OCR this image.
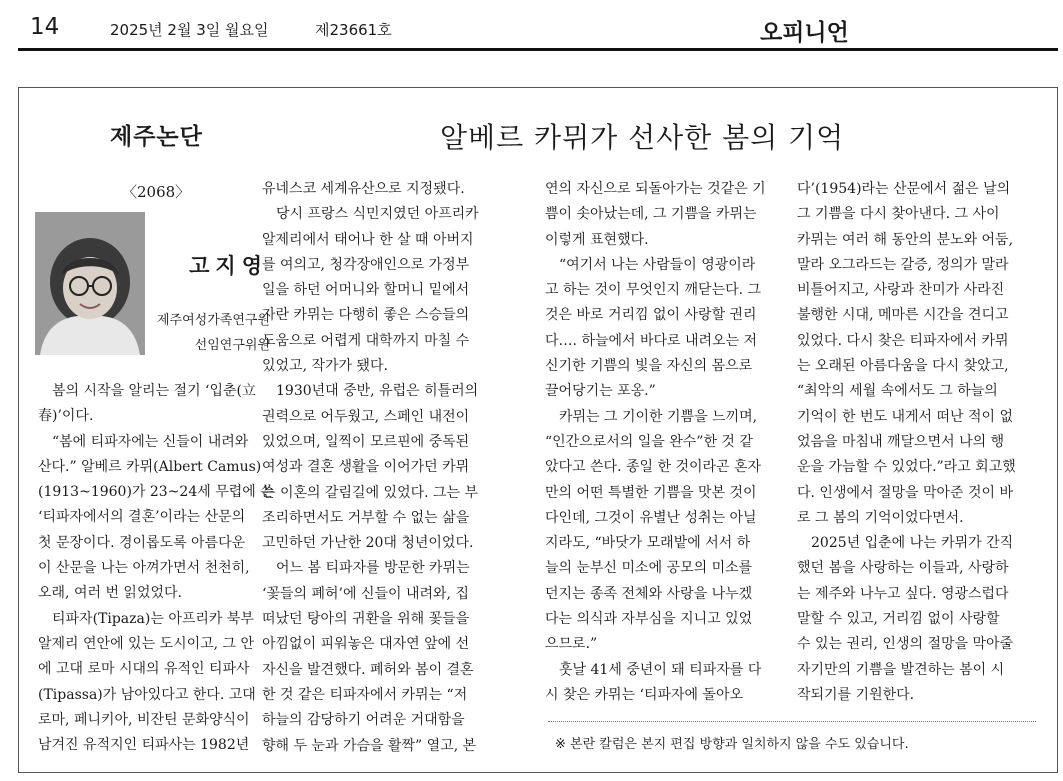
14	2025년 2월 3일 월요일	제23661호	오피니언
제주논단	알베르 카뮈가 선사한 봄의 기억
〈2068〉
고지영
제주여성가족연구원
선임연구위원

봄의 시작을 알리는 절기 ‘입춘(立

春)’이다.

“봄에 티파자에는 신들이 내려와

산다.” 알베르 카뮈(Albert Camus)

(1913~1960)가 23~24세 무렵에 쓴

‘티파자에서의 결혼’이라는 산문의

첫 문장이다. 경이롭도록 아름다운

이 산문을 나는 아껴가면서 천천히,

오래, 여러 번 읽었었다.

티파자(Tipaza)는 아프리카 북부

알제리 연안에 있는 도시이고, 그 안

에 고대 로마 시대의 유적인 티파사

(Tipassa)가 남아있다고 한다. 고대

로마, 페니키아, 비잔틴 문화양식이

남겨진 유적지인 티파사는 1982년

유네스코 세계유산으로 지정됐다.

당시 프랑스 식민지였던 아프리카

알제리에서 태어나 한 살 때 아버지

를 여의고, 청각장애인으로 가정부

일을 하던 어머니와 할머니 밑에서

자란 카뮈는 다행히 좋은 스승들의

도움으로 어렵게 대학까지 마칠 수

있었고, 작가가 됐다.

1930년대 중반, 유럽은 히틀러의

권력으로 어두웠고, 스페인 내전이

있었으며, 일찍이 모르핀에 중독된

여성과 결혼 생활을 이어가던 카뮈

는 이혼의 갈림길에 있었다. 그는 부

조리하면서도 거부할 수 없는 삶을

고민하던 가난한 20대 청년이었다.

어느 봄 티파자를 방문한 카뮈는

‘꽃들의 폐허’에 신들이 내려와, 집

떠났던 탕아의 귀환을 위해 꽃들을

아낌없이 피워놓은 대자연 앞에 선

자신을 발견했다. 폐허와 봄이 결혼

한 것 같은 티파자에서 카뮈는 “저

하늘의 감당하기 어려운 거대함을

향해 두 눈과 가슴을 활짝” 열고, 본

연의 자신으로 되돌아가는 것같은 기

쁨이 솟아났는데, 그 기쁨을 카뮈는

이렇게 표현했다.

“여기서 나는 사람들이 영광이라

고 하는 것이 무엇인지 깨닫는다. 그

것은 바로 거리낌 없이 사랑할 권리

다…. 하늘에서 바다로 내려오는 저

신기한 기쁨의 빛을 자신의 몸으로

끌어당기는 포옹.”

카뮈는 그 기이한 기쁨을 느끼며,

“인간으로서의 일을 완수”한 것 같

았다고 쓴다. 종일 한 것이라곤 혼자

만의 어떤 특별한 기쁨을 맛본 것이

다인데, 그것이 유별난 성취는 아닐

지라도, “바닷가 모래밭에 서서 하

늘의 눈부신 미소에 공모의 미소를

던지는 종족 전체와 사랑을 나누겠

다는 의식과 자부심을 지니고 있었

으므로.”

훗날 41세 중년이 돼 티파자를 다

시 찾은 카뮈는 ‘티파자에 돌아오

다’(1954)라는 산문에서 젊은 날의

그 기쁨을 다시 찾아낸다. 그 사이

카뮈는 여러 해 동안의 분노와 어둠,

말라 오그라드는 갈증, 정의가 말라

비틀어지고, 사랑과 찬미가 사라진

불행한 시대, 메마른 시간을 견디고

있었다. 다시 찾은 티파자에서 카뮈

는 오래된 아름다움을 다시 찾았고,

“최악의 세월 속에서도 그 하늘의

기억이 한 번도 내게서 떠난 적이 없

었음을 마침내 깨달으면서 나의 행

운을 가늠할 수 있었다.”라고 회고했

다. 인생에서 절망을 막아준 것이 바

로 그 봄의 기억이었다면서.

2025년 입춘에 나는 카뮈가 간직

했던 봄을 사랑하는 이들과, 사랑하

는 제주와 나누고 싶다. 영광스럽다

말할 수 있고, 거리낌 없이 사랑할

수 있는 권리, 인생의 절망을 막아줄

자기만의 기쁨을 발견하는 봄이 시

작되기를 기원한다.

※ 본란 칼럼은 본지 편집 방향과 일치하지 않을 수도 있습니다.
